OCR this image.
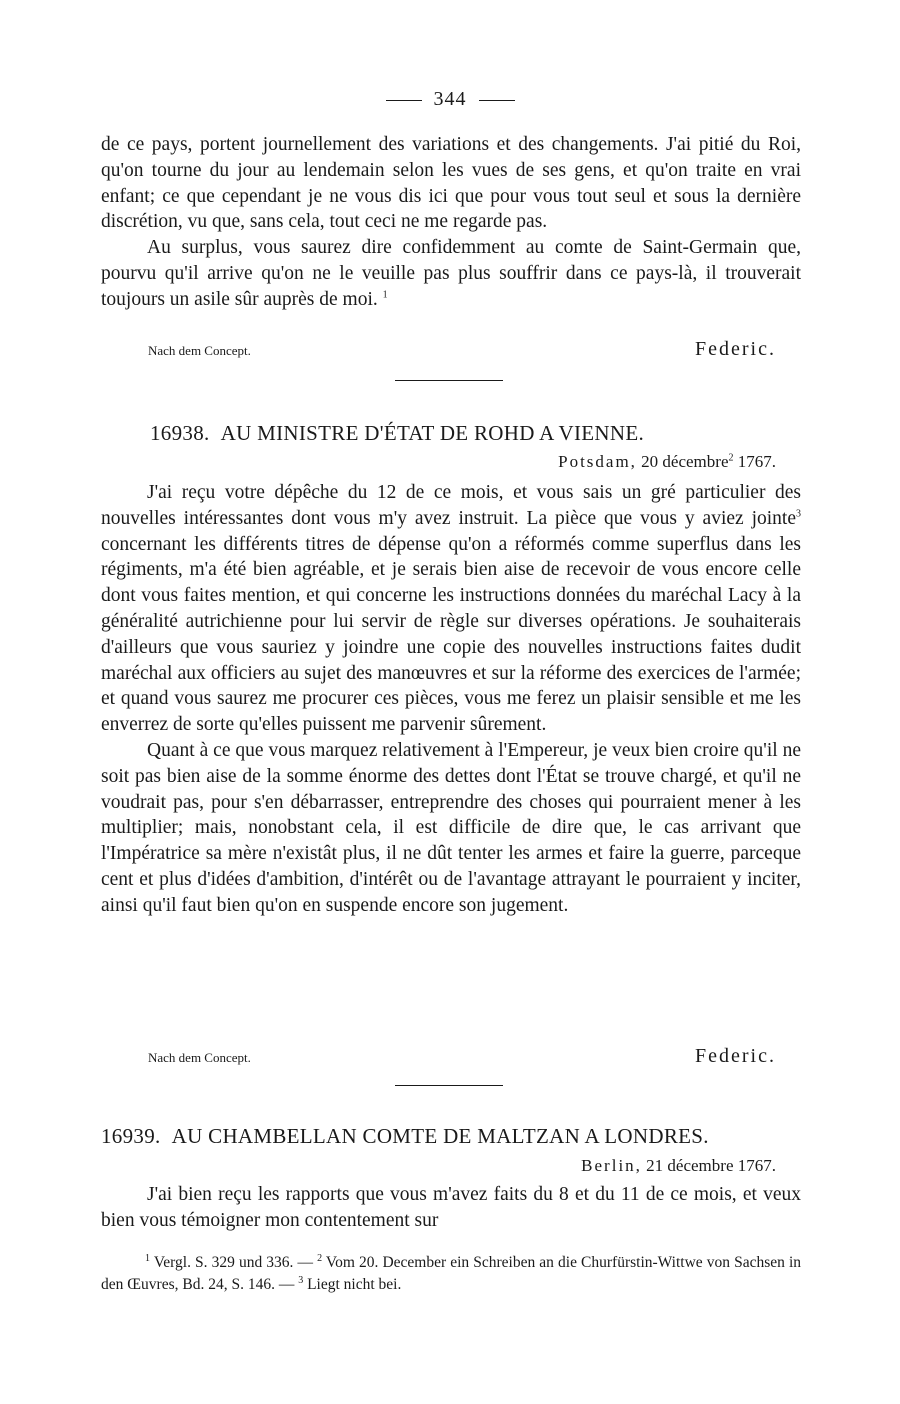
344

de ce pays, portent journellement des variations et des changements. J'ai pitié du Roi, qu'on tourne du jour au lendemain selon les vues de ses gens, et qu'on traite en vrai enfant; ce que cependant je ne vous dis ici que pour vous tout seul et sous la dernière discrétion, vu que, sans cela, tout ceci ne me regarde pas.

Au surplus, vous saurez dire confidemment au comte de Saint-Germain que, pourvu qu'il arrive qu'on ne le veuille pas plus souffrir dans ce pays-là, il trouverait toujours un asile sûr auprès de moi. $^1$

Nach dem Concept.	Federic.
16938. AU MINISTRE D'ÉTAT DE ROHD A VIENNE.
Potsdam, 20 décembre$^2$ 1767.

J'ai reçu votre dépêche du 12 de ce mois, et vous sais un gré particulier des nouvelles intéressantes dont vous m'y avez instruit. La pièce que vous y aviez jointe$^3$ concernant les différents titres de dépense qu'on a réformés comme superflus dans les régiments, m'a été bien agréable, et je serais bien aise de recevoir de vous encore celle dont vous faites mention, et qui concerne les instructions données du maréchal Lacy à la généralité autrichienne pour lui servir de règle sur diverses opérations. Je souhaiterais d'ailleurs que vous sauriez y joindre une copie des nouvelles instructions faites dudit maréchal aux officiers au sujet des manœuvres et sur la réforme des exercices de l'armée; et quand vous saurez me procurer ces pièces, vous me ferez un plaisir sensible et me les enverrez de sorte qu'elles puissent me parvenir sûrement.

Quant à ce que vous marquez relativement à l'Empereur, je veux bien croire qu'il ne soit pas bien aise de la somme énorme des dettes dont l'État se trouve chargé, et qu'il ne voudrait pas, pour s'en débarrasser, entreprendre des choses qui pourraient mener à les multiplier; mais, nonobstant cela, il est difficile de dire que, le cas arrivant que l'Impératrice sa mère n'existât plus, il ne dût tenter les armes et faire la guerre, parceque cent et plus d'idées d'ambition, d'intérêt ou de l'avantage attrayant le pourraient y inciter, ainsi qu'il faut bien qu'on en suspende encore son jugement.

Nach dem Concept.	Federic.
16939. AU CHAMBELLAN COMTE DE MALTZAN A LONDRES.
Berlin, 21 décembre 1767.

J'ai bien reçu les rapports que vous m'avez faits du 8 et du 11 de ce mois, et veux bien vous témoigner mon contentement sur

$^1$ Vergl. S. 329 und 336. — $^2$ Vom 20. December ein Schreiben an die Churfürstin-Wittwe von Sachsen in den Œuvres, Bd. 24, S. 146. — $^3$ Liegt nicht bei.
